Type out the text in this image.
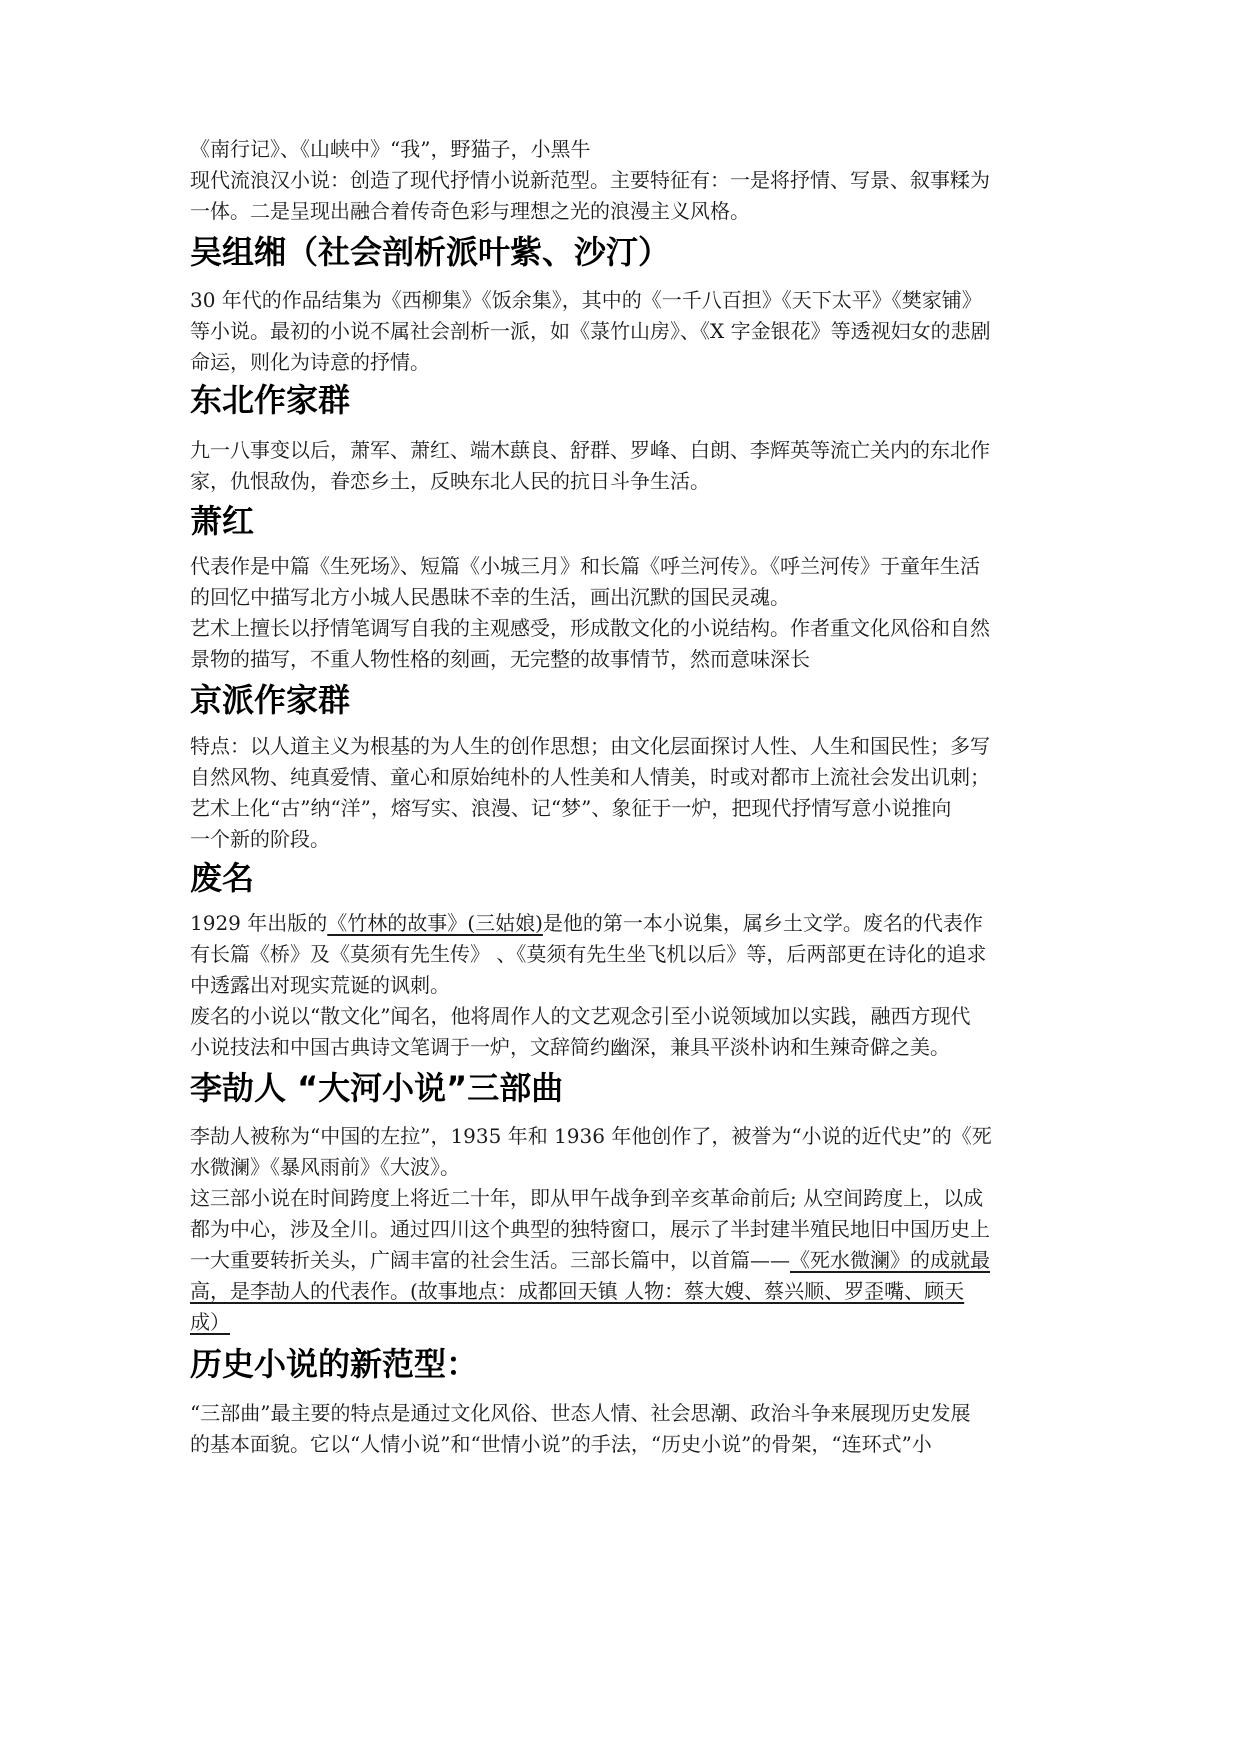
《南行记》、《山峡中》“我”，野猫子，小黑牛

现代流浪汉小说：创造了现代抒情小说新范型。主要特征有：一是将抒情、写景、叙事糅为

一体。二是呈现出融合着传奇色彩与理想之光的浪漫主义风格。

吴组缃（社会剖析派叶紫、沙汀）

30 年代的作品结集为《西柳集》《饭余集》，其中的《一千八百担》《天下太平》《樊家铺》

等小说。最初的小说不属社会剖析一派，如《菉竹山房》、《X 字金银花》等透视妇女的悲剧

命运，则化为诗意的抒情。

东北作家群

九一八事变以后，萧军、萧红、端木蕻良、舒群、罗峰、白朗、李辉英等流亡关内的东北作

家，仇恨敌伪，眷恋乡土，反映东北人民的抗日斗争生活。

萧红

代表作是中篇《生死场》、短篇《小城三月》和长篇《呼兰河传》。《呼兰河传》于童年生活

的回忆中描写北方小城人民愚昧不幸的生活，画出沉默的国民灵魂。

艺术上擅长以抒情笔调写自我的主观感受，形成散文化的小说结构。作者重文化风俗和自然

景物的描写，不重人物性格的刻画，无完整的故事情节，然而意味深长

京派作家群

特点：以人道主义为根基的为人生的创作思想；由文化层面探讨人性、人生和国民性；多写

自然风物、纯真爱情、童心和原始纯朴的人性美和人情美，时或对都市上流社会发出讥刺；

艺术上化“古”纳“洋”，熔写实、浪漫、记“梦”、象征于一炉，把现代抒情写意小说推向

一个新的阶段。

废名

1929 年出版的《竹林的故事》(三姑娘)是他的第一本小说集，属乡土文学。废名的代表作

有长篇《桥》及《莫须有先生传》 、《莫须有先生坐飞机以后》等，后两部更在诗化的追求

中透露出对现实荒诞的讽刺。

废名的小说以“散文化”闻名，他将周作人的文艺观念引至小说领域加以实践，融西方现代

小说技法和中国古典诗文笔调于一炉，文辞简约幽深，兼具平淡朴讷和生辣奇僻之美。

李劼人 “大河小说”三部曲

李劼人被称为“中国的左拉”，1935 年和 1936 年他创作了，被誉为“小说的近代史”的《死

水微澜》《暴风雨前》《大波》。

这三部小说在时间跨度上将近二十年，即从甲午战争到辛亥革命前后; 从空间跨度上，以成

都为中心，涉及全川。通过四川这个典型的独特窗口，展示了半封建半殖民地旧中国历史上

一大重要转折关头，广阔丰富的社会生活。三部长篇中，以首篇——《死水微澜》的成就最

高，是李劼人的代表作。(故事地点：成都回天镇 人物：蔡大嫂、蔡兴顺、罗歪嘴、顾天

成）

历史小说的新范型：

“三部曲”最主要的特点是通过文化风俗、世态人情、社会思潮、政治斗争来展现历史发展

的基本面貌。它以“人情小说”和“世情小说”的手法，“历史小说”的骨架，“连环式”小
